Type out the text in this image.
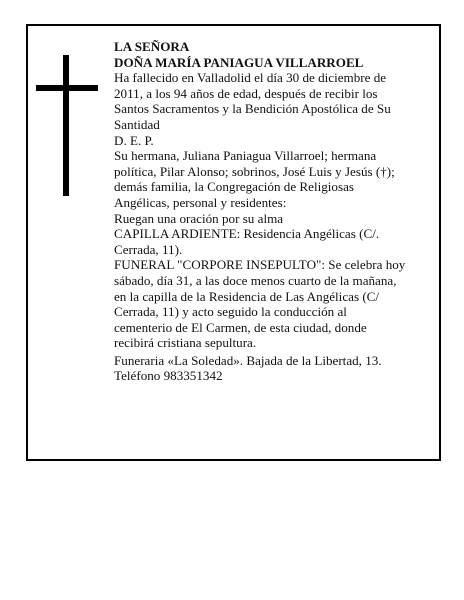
LA SEÑORA
DOÑA MARÍA PANIAGUA VILLARROEL
Ha fallecido en Valladolid el día 30 de diciembre de
2011, a los 94 años de edad, después de recibir los
Santos Sacramentos y la Bendición Apostólica de Su
Santidad
D. E. P.
Su hermana, Juliana Paniagua Villarroel; hermana
política, Pilar Alonso; sobrinos, José Luis y Jesús (†);
demás familia, la Congregación de Religiosas
Angélicas, personal y residentes:
Ruegan una oración por su alma
CAPILLA ARDIENTE: Residencia Angélicas (C/.
Cerrada, 11).
FUNERAL "CORPORE INSEPULTO": Se celebra hoy
sábado, día 31, a las doce menos cuarto de la mañana,
en la capilla de la Residencia de Las Angélicas (C/
Cerrada, 11) y acto seguido la conducción al
cementerio de El Carmen, de esta ciudad, donde
recibirá cristiana sepultura.
Funeraria «La Soledad». Bajada de la Libertad, 13.
Teléfono 983351342
